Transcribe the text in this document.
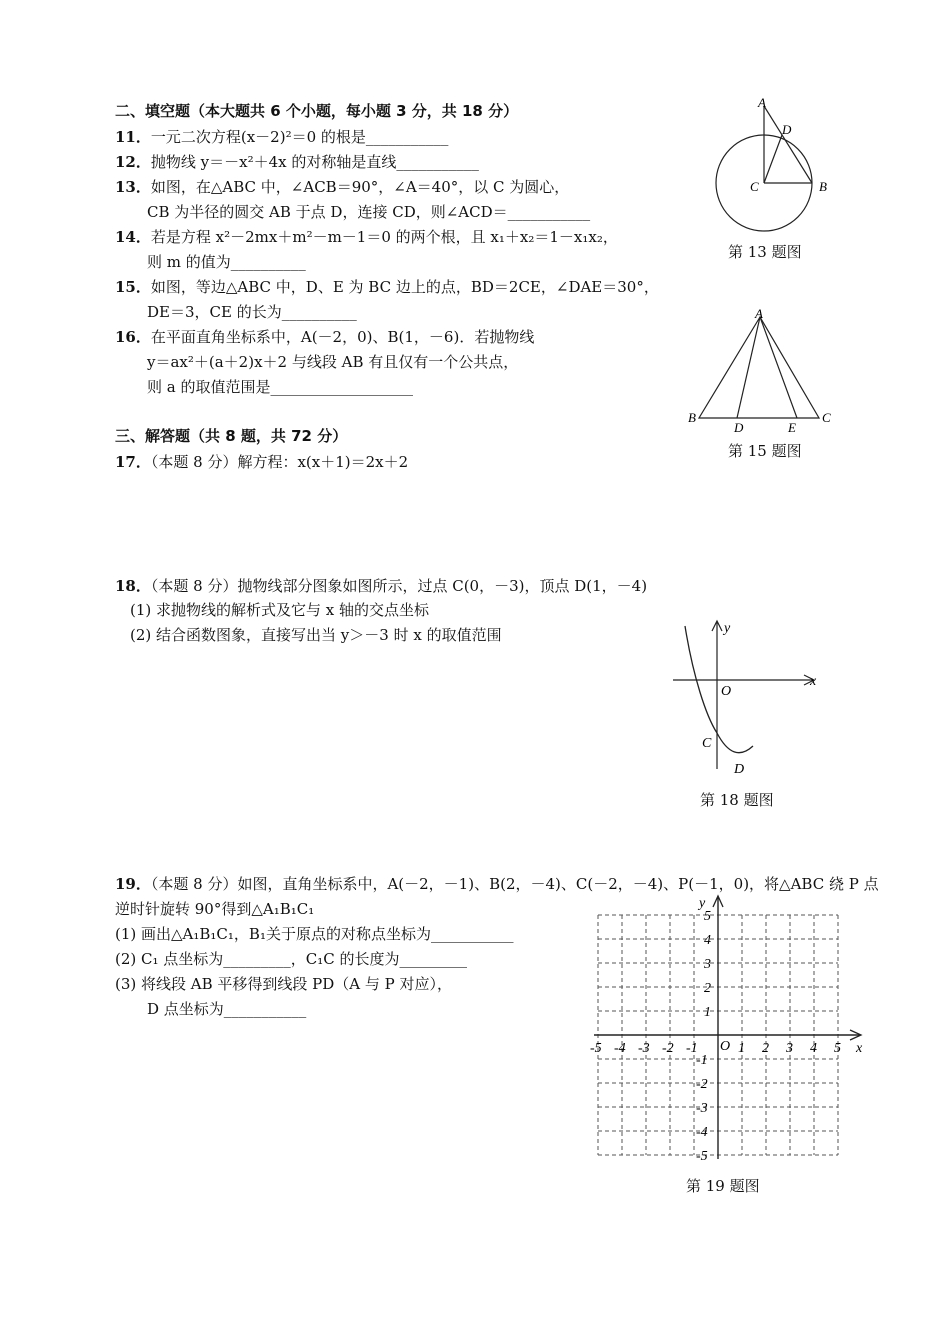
二、填空题（本大题共 6 个小题，每小题 3 分，共 18 分）
11．一元二次方程(x－2)²＝0 的根是___________
12．抛物线 y＝－x²＋4x 的对称轴是直线___________
13．如图，在△ABC 中，∠ACB＝90°，∠A＝40°，以 C 为圆心，
CB 为半径的圆交 AB 于点 D，连接 CD，则∠ACD＝___________
14．若是方程 x²－2mx＋m²－m－1＝0 的两个根，且 x₁＋x₂＝1－x₁x₂，
则 m 的值为__________
15．如图，等边△ABC 中，D、E 为 BC 边上的点，BD＝2CE，∠DAE＝30°，
DE＝3，CE 的长为__________
16．在平面直角坐标系中，A(－2，0)、B(1，－6)．若抛物线
y＝ax²＋(a＋2)x＋2 与线段 AB 有且仅有一个公共点，
则 a 的取值范围是___________________
三、解答题（共 8 题，共 72 分）
17．（本题 8 分）解方程：x(x＋1)＝2x＋2
18．（本题 8 分）抛物线部分图象如图所示，过点 C(0，－3)，顶点 D(1，－4)
(1) 求抛物线的解析式及它与 x 轴的交点坐标
(2) 结合函数图象，直接写出当 y＞－3 时 x 的取值范围
19．（本题 8 分）如图，直角坐标系中，A(－2，－1)、B(2，－4)、C(－2，－4)、P(－1，0)，将△ABC 绕 P 点
逆时针旋转 90°得到△A₁B₁C₁
(1) 画出△A₁B₁C₁，B₁关于原点的对称点坐标为___________
(2) C₁ 点坐标为_________，C₁C 的长度为_________
(3) 将线段 AB 平移得到线段 PD（A 与 P 对应），
D 点坐标为___________
A
D
C	B
第 13 题图
A
B
D	E
C
第 15 题图
y
x
O
C
D
第 18 题图
-5 -4 -3 -2 -1	1 2 3 4 5
5
4
3
2
1
-1
-2
-3
-4
-5
O	x
y
第 19 题图
